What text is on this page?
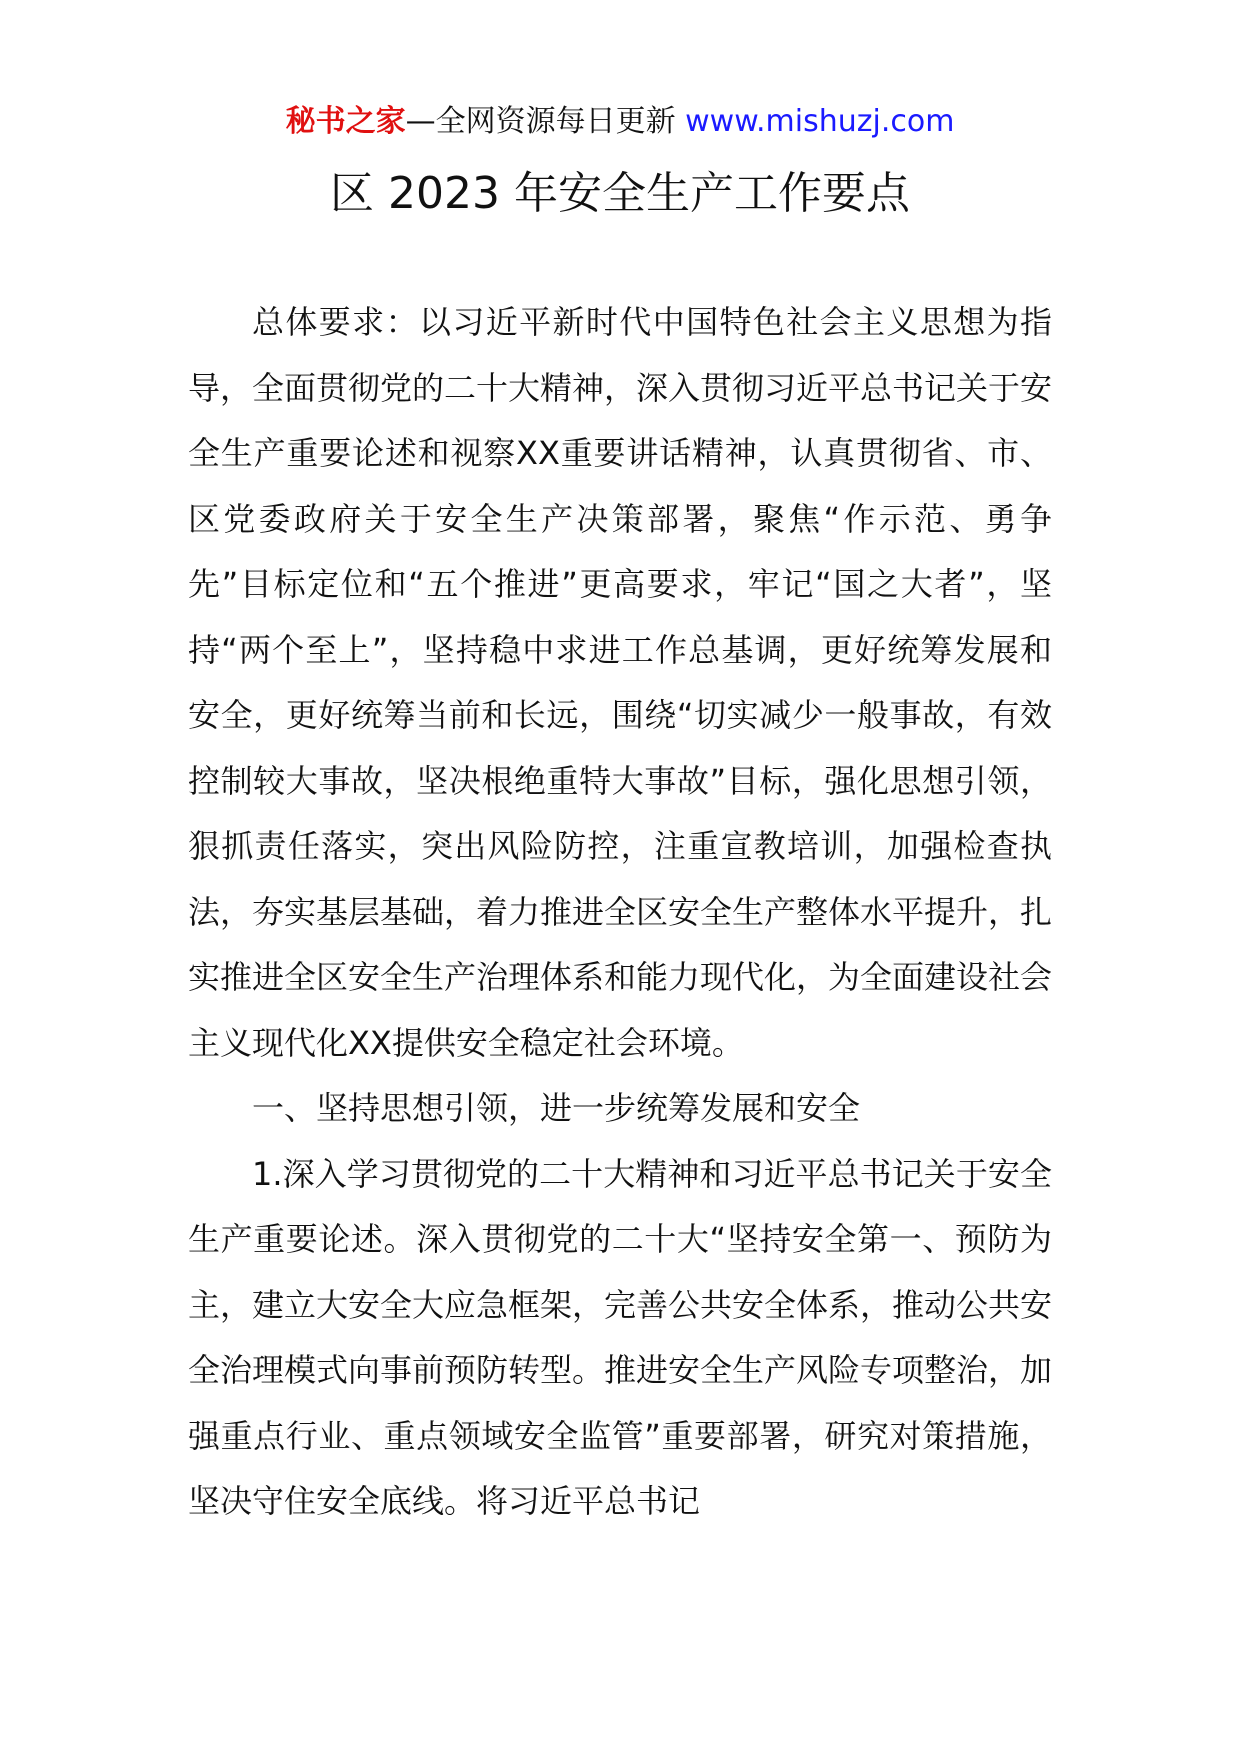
秘书之家—全网资源每日更新 www.mishuzj.com
区 2023 年安全生产工作要点

总体要求：以习近平新时代中国特色社会主义思想为指导，全面贯彻党的二十大精神，深入贯彻习近平总书记关于安全生产重要论述和视察XX重要讲话精神，认真贯彻省、市、区党委政府关于安全生产决策部署，聚焦“作示范、勇争先”目标定位和“五个推进”更高要求，牢记“国之大者”，坚持“两个至上”，坚持稳中求进工作总基调，更好统筹发展和安全，更好统筹当前和长远，围绕“切实减少一般事故，有效控制较大事故，坚决根绝重特大事故”目标，强化思想引领，狠抓责任落实，突出风险防控，注重宣教培训，加强检查执法，夯实基层基础，着力推进全区安全生产整体水平提升，扎实推进全区安全生产治理体系和能力现代化，为全面建设社会主义现代化XX提供安全稳定社会环境。

一、坚持思想引领，进一步统筹发展和安全

1.深入学习贯彻党的二十大精神和习近平总书记关于安全生产重要论述。深入贯彻党的二十大“坚持安全第一、预防为主，建立大安全大应急框架，完善公共安全体系，推动公共安全治理模式向事前预防转型。推进安全生产风险专项整治，加强重点行业、重点领域安全监管”重要部署，研究对策措施，坚决守住安全底线。将习近平总书记
